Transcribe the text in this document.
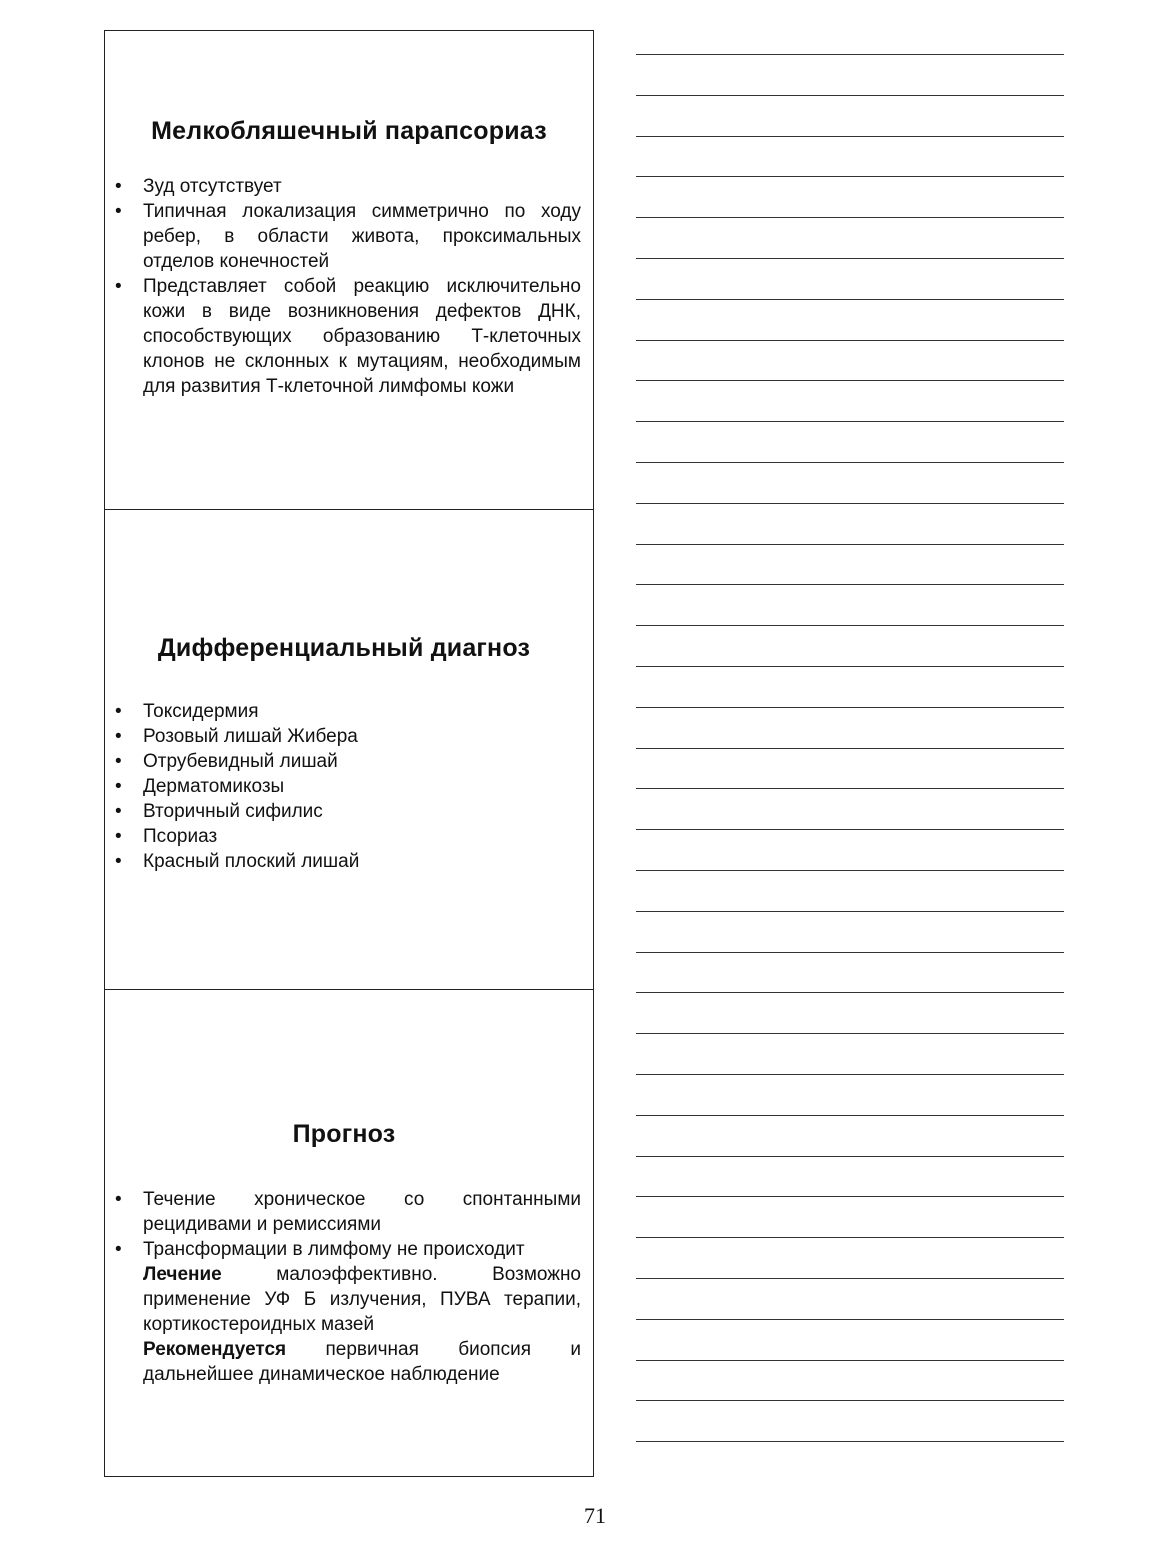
Мелкобляшечный парапсориаз
•	Зуд отсутствует
•	Типичная локализация симметрично по ходу ребер, в области живота, проксимальных отделов конечностей
•	Представляет собой реакцию исключительно кожи в виде возникновения дефектов ДНК, способствующих образованию Т-клеточных клонов не склонных к мутациям, необходимым для развития Т-клеточной лимфомы кожи
Дифференциальный диагноз
•	Токсидермия
•	Розовый лишай Жибера
•	Отрубевидный лишай
•	Дерматомикозы
•	Вторичный сифилис
•	Псориаз
•	Красный плоский лишай
Прогноз
•	Течение хроническое со спонтанными рецидивами и ремиссиями
•	Трансформации в лимфому не происходит
Лечение	малоэффективно. Возможно применение УФ Б излучения, ПУВА терапии, кортикостероидных мазей
Рекомендуется первичная биопсия и дальнейшее динамическое наблюдение
71
